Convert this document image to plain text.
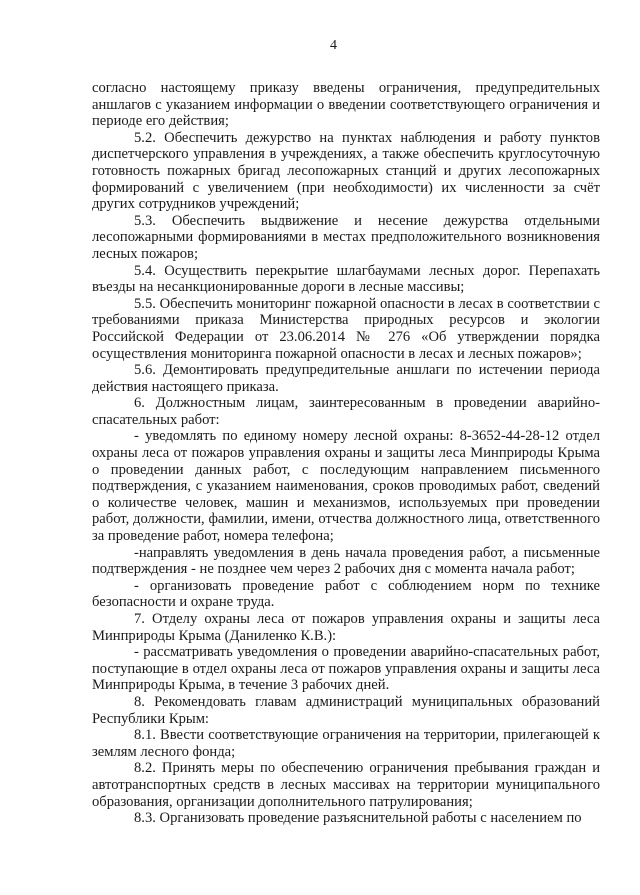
4

согласно настоящему приказу введены ограничения, предупредительных аншлагов с указанием информации о введении соответствующего ограничения и периоде его действия;

5.2. Обеспечить дежурство на пунктах наблюдения и работу пунктов диспетчерского управления в учреждениях, а также обеспечить круглосуточную готовность пожарных бригад лесопожарных станций и других лесопожарных формирований с увеличением (при необходимости) их численности за счёт других сотрудников учреждений;

5.3. Обеспечить выдвижение и несение дежурства отдельными лесопожарными формированиями в местах предположительного возникновения лесных пожаров;

5.4. Осуществить перекрытие шлагбаумами лесных дорог. Перепахать въезды на несанкционированные дороги в лесные массивы;

5.5. Обеспечить мониторинг пожарной опасности в лесах в соответствии с требованиями приказа Министерства природных ресурсов и экологии Российской Федерации от 23.06.2014 № 276 «Об утверждении порядка осуществления мониторинга пожарной опасности в лесах и лесных пожаров»;

5.6. Демонтировать предупредительные аншлаги по истечении периода действия настоящего приказа.

6. Должностным лицам, заинтересованным в проведении аварийно-спасательных работ:

- уведомлять по единому номеру лесной охраны: 8-3652-44-28-12 отдел охраны леса от пожаров управления охраны и защиты леса Минприроды Крыма о проведении данных работ, с последующим направлением письменного подтверждения, с указанием наименования, сроков проводимых работ, сведений о количестве человек, машин и механизмов, используемых при проведении работ, должности, фамилии, имени, отчества должностного лица, ответственного за проведение работ, номера телефона;

-направлять уведомления в день начала проведения работ, а письменные подтверждения - не позднее чем через 2 рабочих дня с момента начала работ;

- организовать проведение работ с соблюдением норм по технике безопасности и охране труда.

7. Отделу охраны леса от пожаров управления охраны и защиты леса Минприроды Крыма (Даниленко К.В.):

- рассматривать уведомления о проведении аварийно-спасательных работ, поступающие в отдел охраны леса от пожаров управления охраны и защиты леса Минприроды Крыма, в течение 3 рабочих дней.

8. Рекомендовать главам администраций муниципальных образований Республики Крым:

8.1. Ввести соответствующие ограничения на территории, прилегающей к землям лесного фонда;

8.2. Принять меры по обеспечению ограничения пребывания граждан и автотранспортных средств в лесных массивах на территории муниципального образования, организации дополнительного патрулирования;

8.3. Организовать проведение разъяснительной работы с населением по
